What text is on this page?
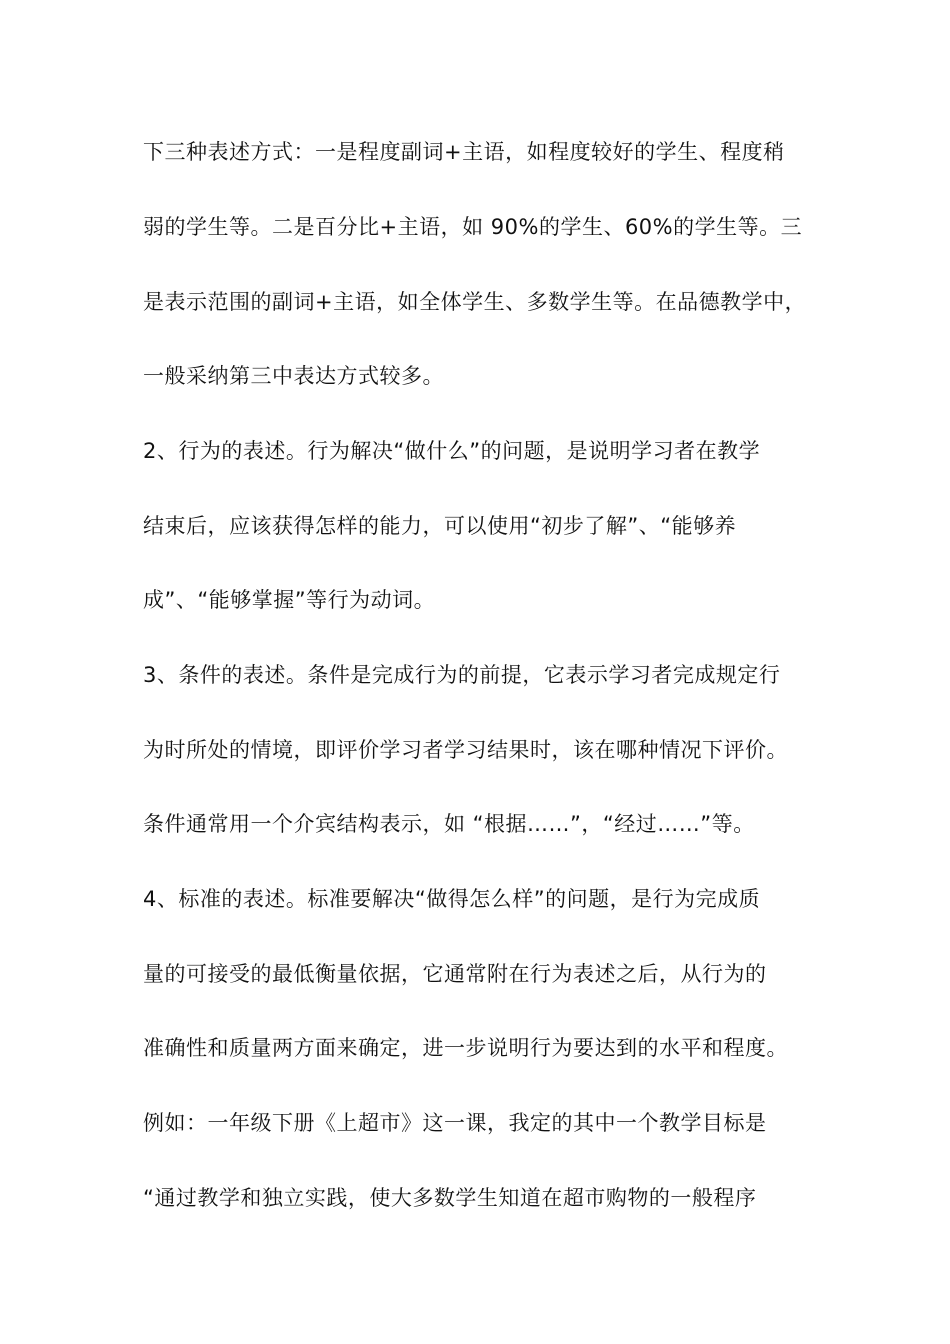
下三种表述方式：一是程度副词+主语，如程度较好的学生、程度稍
弱的学生等。二是百分比+主语，如 90%的学生、60%的学生等。三
是表示范围的副词+主语，如全体学生、多数学生等。在品德教学中，
一般采纳第三中表达方式较多。
2、行为的表述。行为解决“做什么”的问题，是说明学习者在教学
结束后，应该获得怎样的能力，可以使用“初步了解”、“能够养
成”、“能够掌握”等行为动词。
3、条件的表述。条件是完成行为的前提，它表示学习者完成规定行
为时所处的情境，即评价学习者学习结果时，该在哪种情况下评价。
条件通常用一个介宾结构表示，如 “根据……”，“经过……”等。
4、标准的表述。标准要解决“做得怎么样”的问题，是行为完成质
量的可接受的最低衡量依据，它通常附在行为表述之后，从行为的
准确性和质量两方面来确定，进一步说明行为要达到的水平和程度。
例如：一年级下册《上超市》这一课，我定的其中一个教学目标是
“通过教学和独立实践，使大多数学生知道在超市购物的一般程序
